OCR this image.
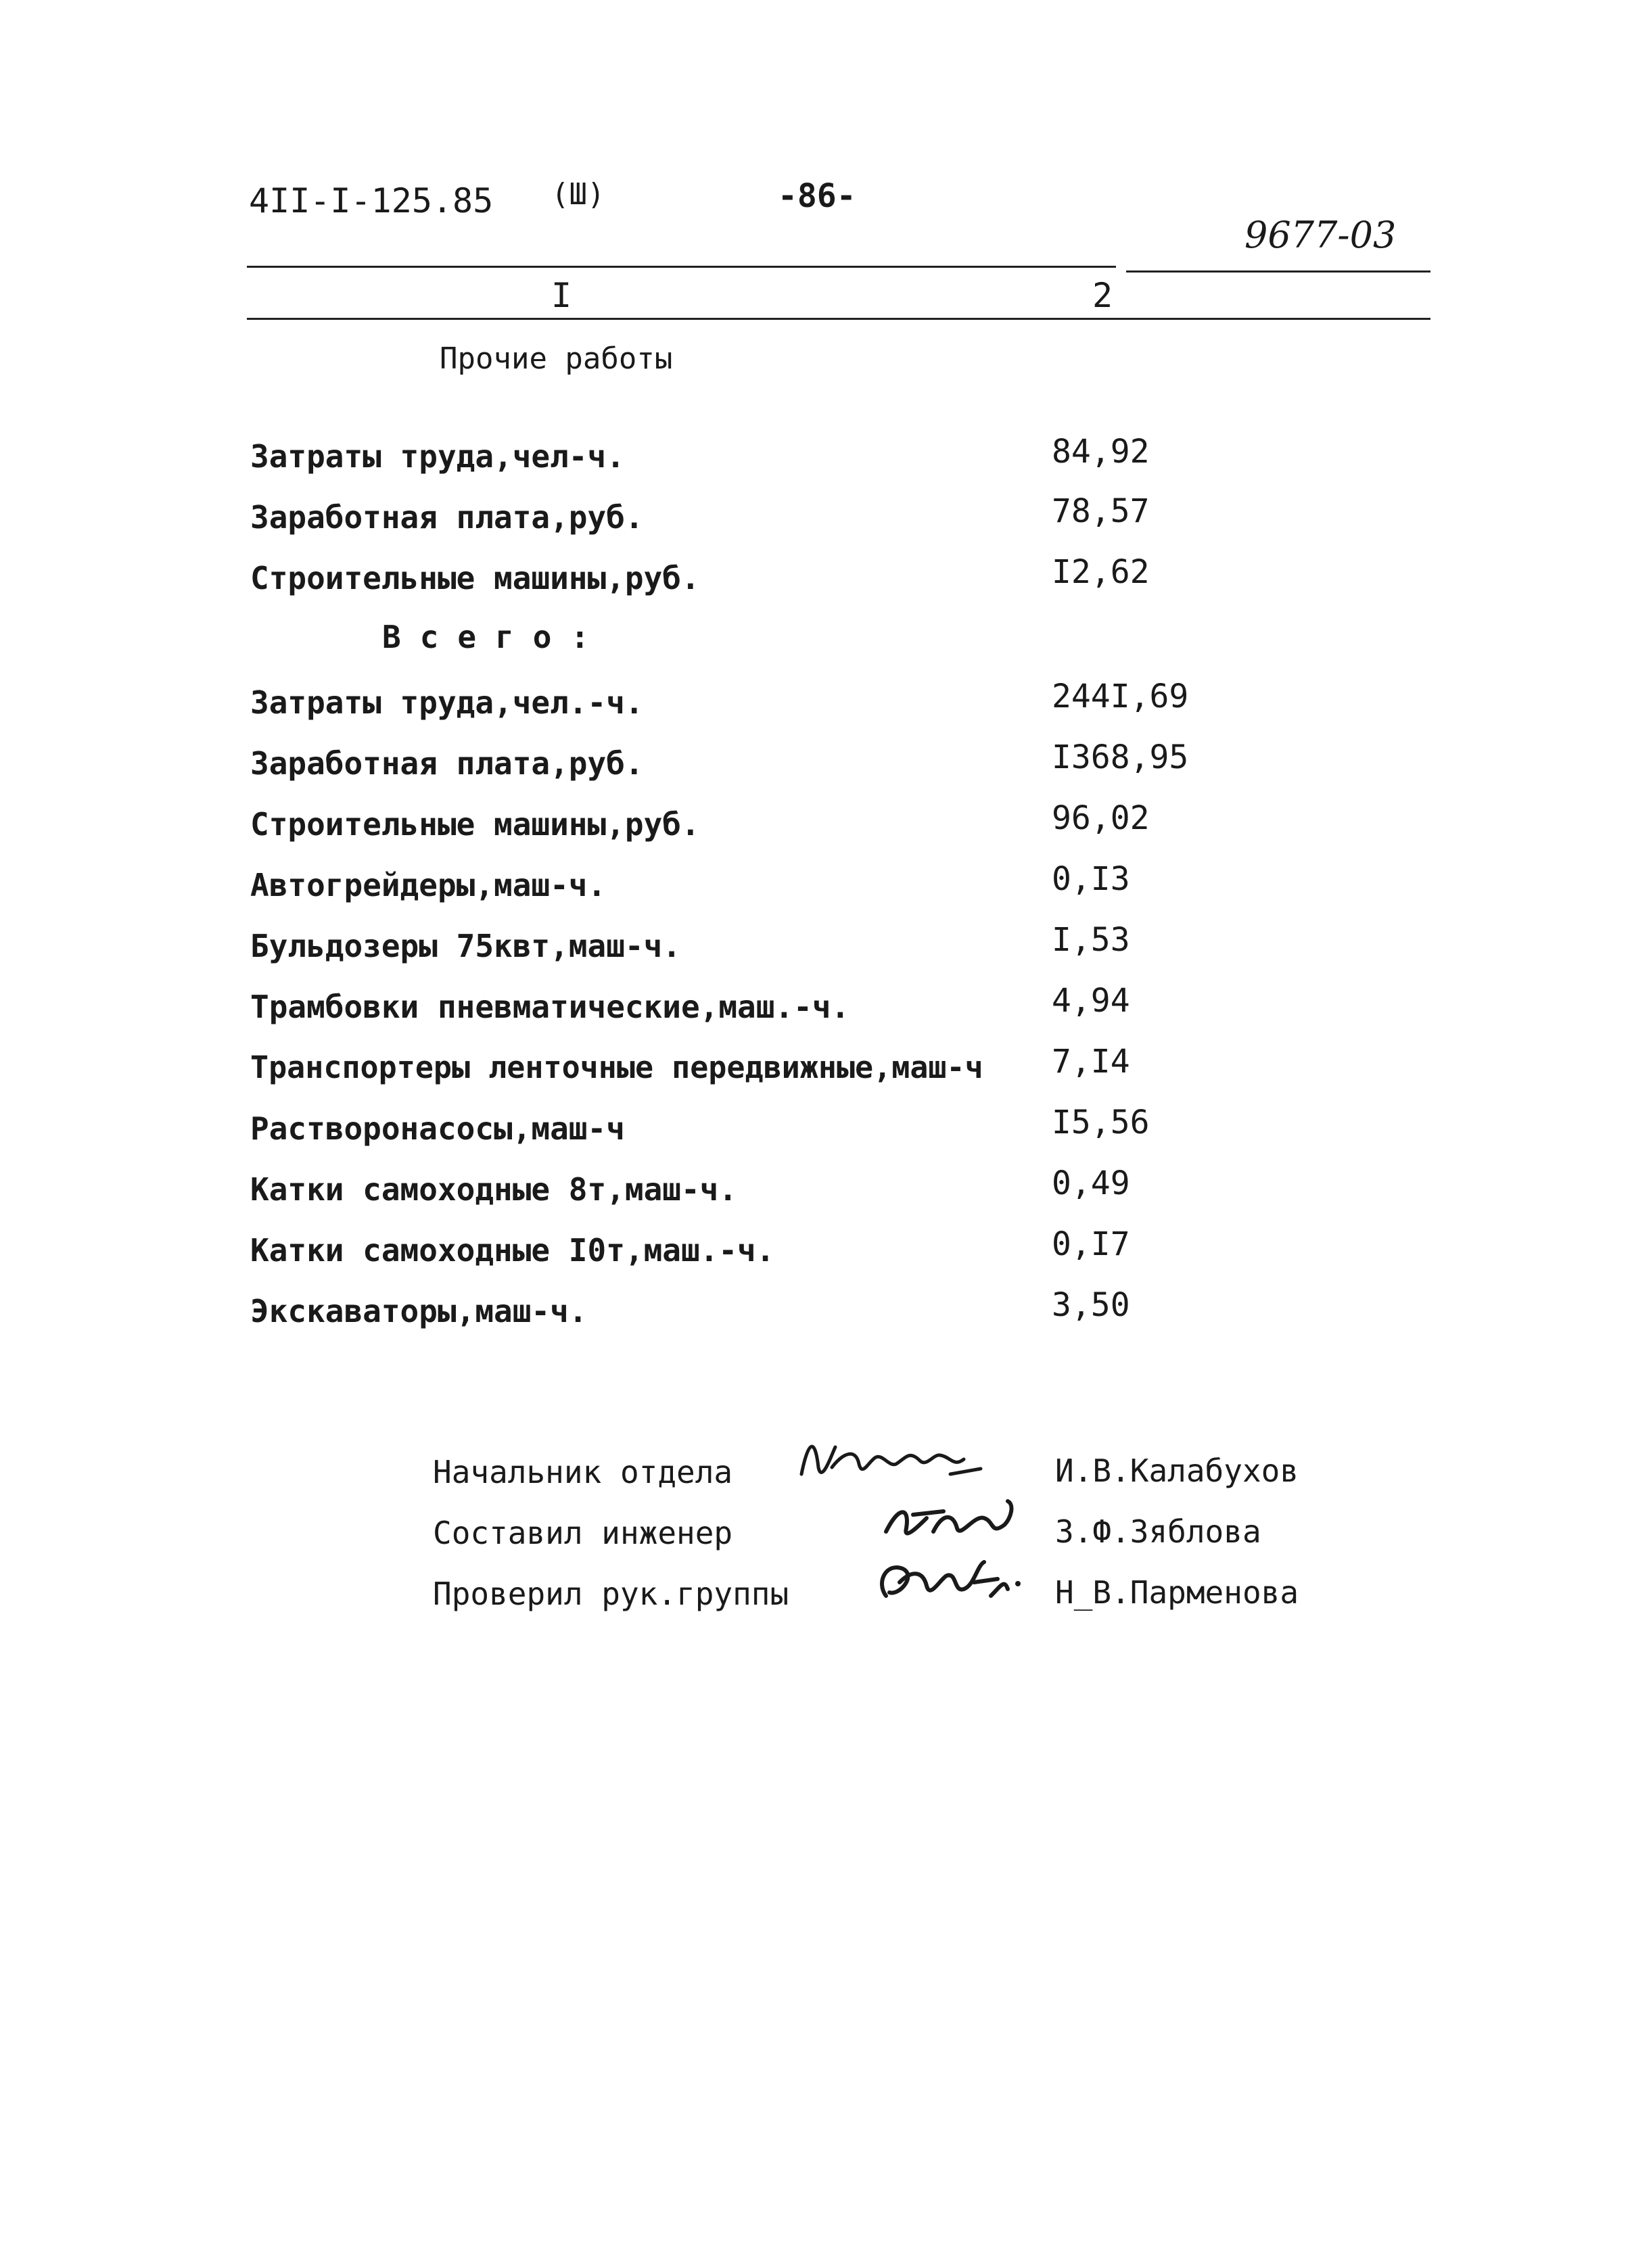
4II-I-125.85 (Ш)	-86-
9677-03
I	2
Прочие работы
Затраты труда,чел-ч.	84,92
Заработная плата,руб.	78,57
Строительные машины,руб.	I2,62
Всего:
Затраты труда,чел.-ч.	244I,69
Заработная плата,руб.	I368,95
Строительные машины,руб.	96,02
Автогрейдеры,маш-ч.	0,I3
Бульдозеры 75квт,маш-ч.	I,53
Трамбовки пневматические,маш.-ч.	4,94
Транспортеры ленточные передвижные,маш-ч 7,I4
Растворонасосы,маш-ч	I5,56
Катки самоходные 8т,маш-ч.	0,49
Катки самоходные I0т,маш.-ч.	0,I7
Экскаваторы,маш-ч.	3,50
Начальник отдела	И.В.Калабухов
Составил инженер	З.Ф.Зяблова
Проверил рук.группы	Н_В.Парменова
